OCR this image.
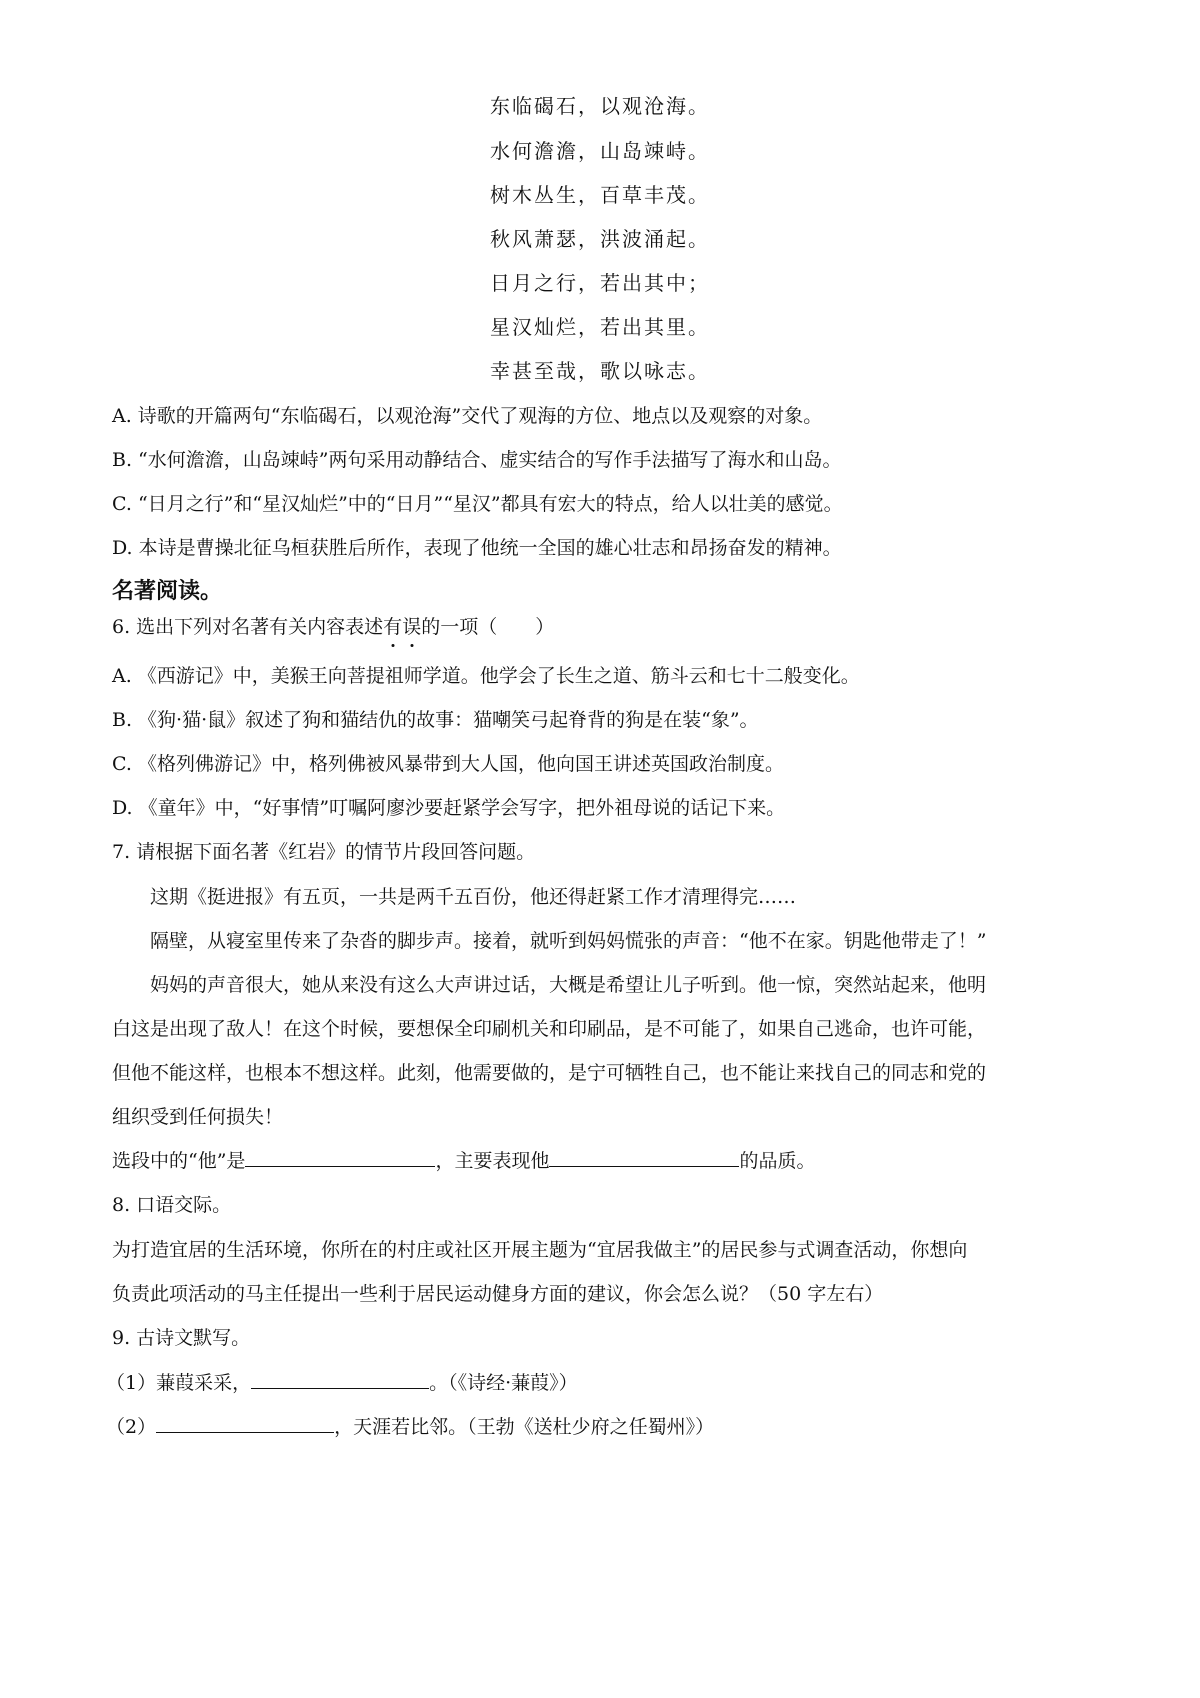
东临碣石，以观沧海。
水何澹澹，山岛竦峙。
树木丛生，百草丰茂。
秋风萧瑟，洪波涌起。
日月之行，若出其中；
星汉灿烂，若出其里。
幸甚至哉，歌以咏志。
A. 诗歌的开篇两句“东临碣石，以观沧海”交代了观海的方位、地点以及观察的对象。
B. “水何澹澹，山岛竦峙”两句采用动静结合、虚实结合的写作手法描写了海水和山岛。
C. “日月之行”和“星汉灿烂”中的“日月”“星汉”都具有宏大的特点，给人以壮美的感觉。
D. 本诗是曹操北征乌桓获胜后所作，表现了他统一全国的雄心壮志和昂扬奋发的精神。
名著阅读。
6. 选出下列对名著有关内容表述有误的一项（　　）
A. 《西游记》中，美猴王向菩提祖师学道。他学会了长生之道、筋斗云和七十二般变化。
B. 《狗·猫·鼠》叙述了狗和猫结仇的故事：猫嘲笑弓起脊背的狗是在装“象”。
C. 《格列佛游记》中，格列佛被风暴带到大人国，他向国王讲述英国政治制度。
D. 《童年》中，“好事情”叮嘱阿廖沙要赶紧学会写字，把外祖母说的话记下来。
7. 请根据下面名著《红岩》的情节片段回答问题。
这期《挺进报》有五页，一共是两千五百份，他还得赶紧工作才清理得完……
隔壁，从寝室里传来了杂沓的脚步声。接着，就听到妈妈慌张的声音：“他不在家。钥匙他带走了！”
妈妈的声音很大，她从来没有这么大声讲过话，大概是希望让儿子听到。他一惊，突然站起来，他明
白这是出现了敌人！在这个时候，要想保全印刷机关和印刷品，是不可能了，如果自己逃命，也许可能，
但他不能这样，也根本不想这样。此刻，他需要做的，是宁可牺牲自己，也不能让来找自己的同志和党的
组织受到任何损失！
选段中的“他”是	，主要表现他	的品质。
8. 口语交际。
为打造宜居的生活环境，你所在的村庄或社区开展主题为“宜居我做主”的居民参与式调查活动，你想向
负责此项活动的马主任提出一些利于居民运动健身方面的建议，你会怎么说？（50 字左右）
9. 古诗文默写。
（1）蒹葭采采，	。（《诗经·蒹葭》）
（2）	，天涯若比邻。（王勃《送杜少府之任蜀州》）
